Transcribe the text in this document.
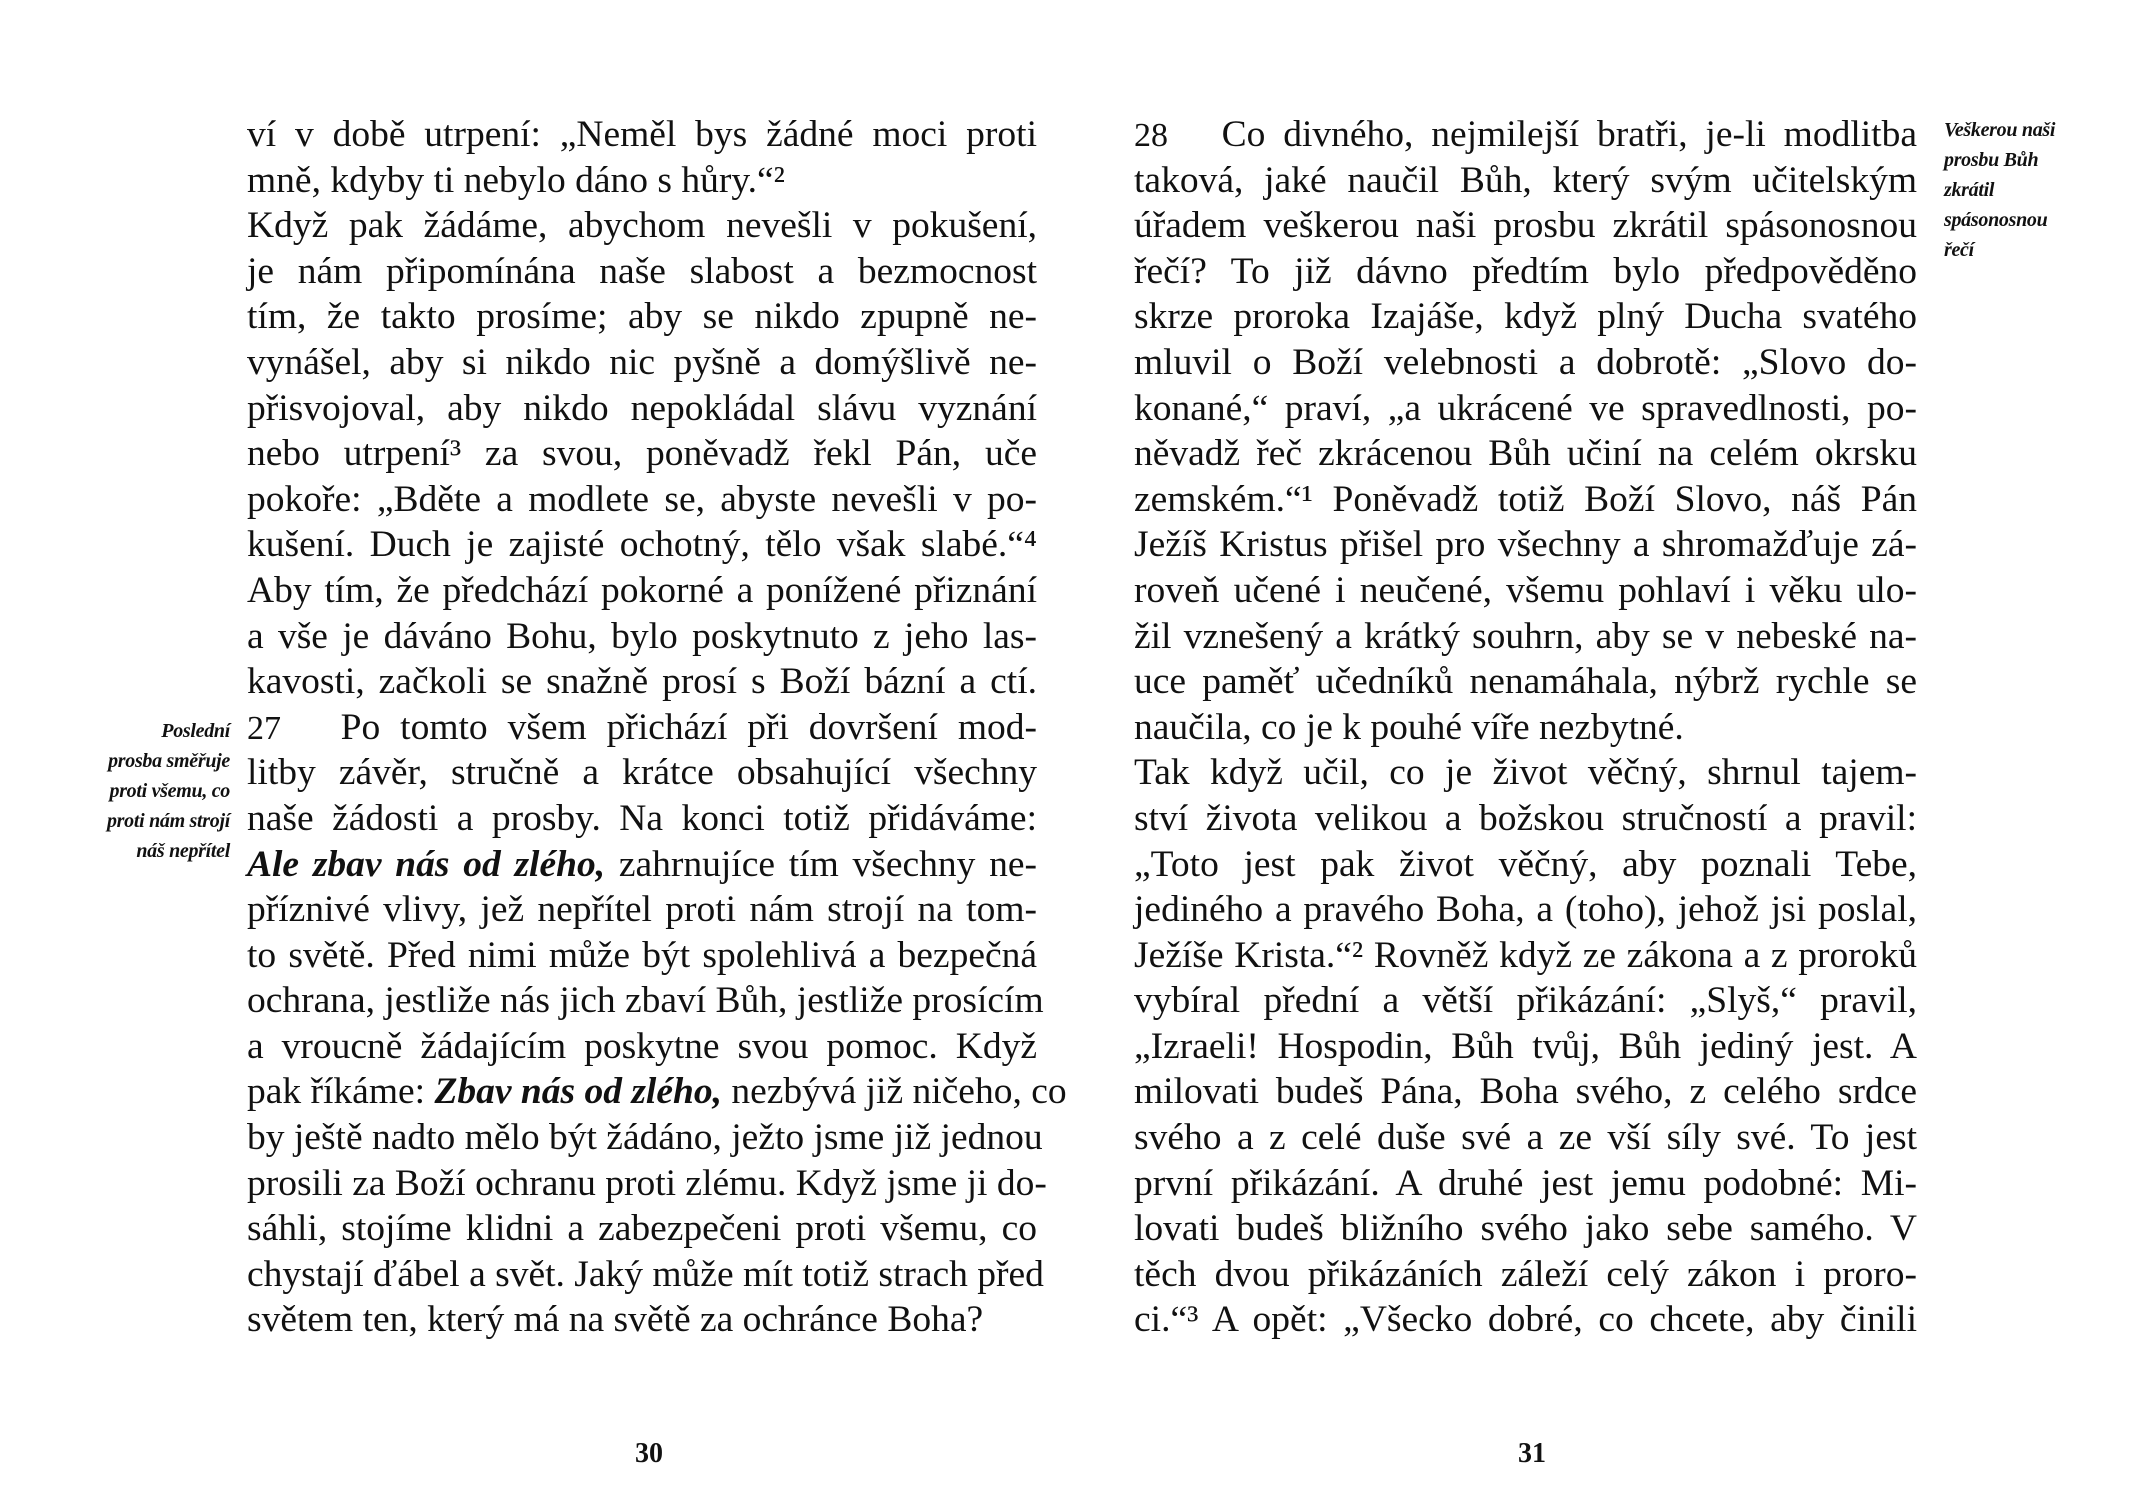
ví v době utrpení: „Neměl bys žádné moci proti
mně, kdyby ti nebylo dáno s hůry.“²
Když pak žádáme, abychom nevešli v pokušení,
je nám připomínána naše slabost a bezmocnost
tím, že takto prosíme; aby se nikdo zpupně ne-
vynášel, aby si nikdo nic pyšně a domýšlivě ne-
přisvojoval, aby nikdo nepokládal slávu vyznání
nebo utrpení³ za svou, poněvadž řekl Pán, uče
pokoře: „Bděte a modlete se, abyste nevešli v po-
kušení. Duch je zajisté ochotný, tělo však slabé.“⁴
Aby tím, že předchází pokorné a ponížené přiznání
a vše je dáváno Bohu, bylo poskytnuto z jeho las-
kavosti, začkoli se snažně prosí s Boží bázní a ctí.
27 Po tomto všem přichází při dovršení mod-
litby závěr, stručně a krátce obsahující všechny
naše žádosti a prosby. Na konci totiž přidáváme:
Ale zbav nás od zlého, zahrnujíce tím všechny ne-
příznivé vlivy, jež nepřítel proti nám strojí na tom-
to světě. Před nimi může být spolehlivá a bezpečná
ochrana, jestliže nás jich zbaví Bůh, jestliže prosícím
a vroucně žádajícím poskytne svou pomoc. Když
pak říkáme: Zbav nás od zlého, nezbývá již ničeho, co
by ještě nadto mělo být žádáno, ježto jsme již jednou
prosili za Boží ochranu proti zlému. Když jsme ji do-
sáhli, stojíme klidni a zabezpečeni proti všemu, co
chystají ďábel a svět. Jaký může mít totiž strach před
světem ten, který má na světě za ochránce Boha?
Poslední
prosba směřuje
proti všemu, co
proti nám strojí
náš nepřítel
30
28 Co divného, nejmilejší bratři, je-li modlitba
taková, jaké naučil Bůh, který svým učitelským
úřadem veškerou naši prosbu zkrátil spásonosnou
řečí? To již dávno předtím bylo předpověděno
skrze proroka Izajáše, když plný Ducha svatého
mluvil o Boží velebnosti a dobrotě: „Slovo do-
konané,“ praví, „a ukrácené ve spravedlnosti, po-
něvadž řeč zkrácenou Bůh učiní na celém okrsku
zemském.“¹ Poněvadž totiž Boží Slovo, náš Pán
Ježíš Kristus přišel pro všechny a shromažďuje zá-
roveň učené i neučené, všemu pohlaví i věku ulo-
žil vznešený a krátký souhrn, aby se v nebeské na-
uce paměť učedníků nenamáhala, nýbrž rychle se
naučila, co je k pouhé víře nezbytné.
Tak když učil, co je život věčný, shrnul tajem-
ství života velikou a božskou stručností a pravil:
„Toto jest pak život věčný, aby poznali Tebe,
jediného a pravého Boha, a (toho), jehož jsi poslal,
Ježíše Krista.“² Rovněž když ze zákona a z proroků
vybíral přední a větší přikázání: „Slyš,“ pravil,
„Izraeli! Hospodin, Bůh tvůj, Bůh jediný jest. A
milovati budeš Pána, Boha svého, z celého srdce
svého a z celé duše své a ze vší síly své. To jest
první přikázání. A druhé jest jemu podobné: Mi-
lovati budeš bližního svého jako sebe samého. V
těch dvou přikázáních záleží celý zákon i proro-
ci.“³ A opět: „Všecko dobré, co chcete, aby činili
Veškerou naši
prosbu Bůh
zkrátil
spásonosnou
řečí
31
